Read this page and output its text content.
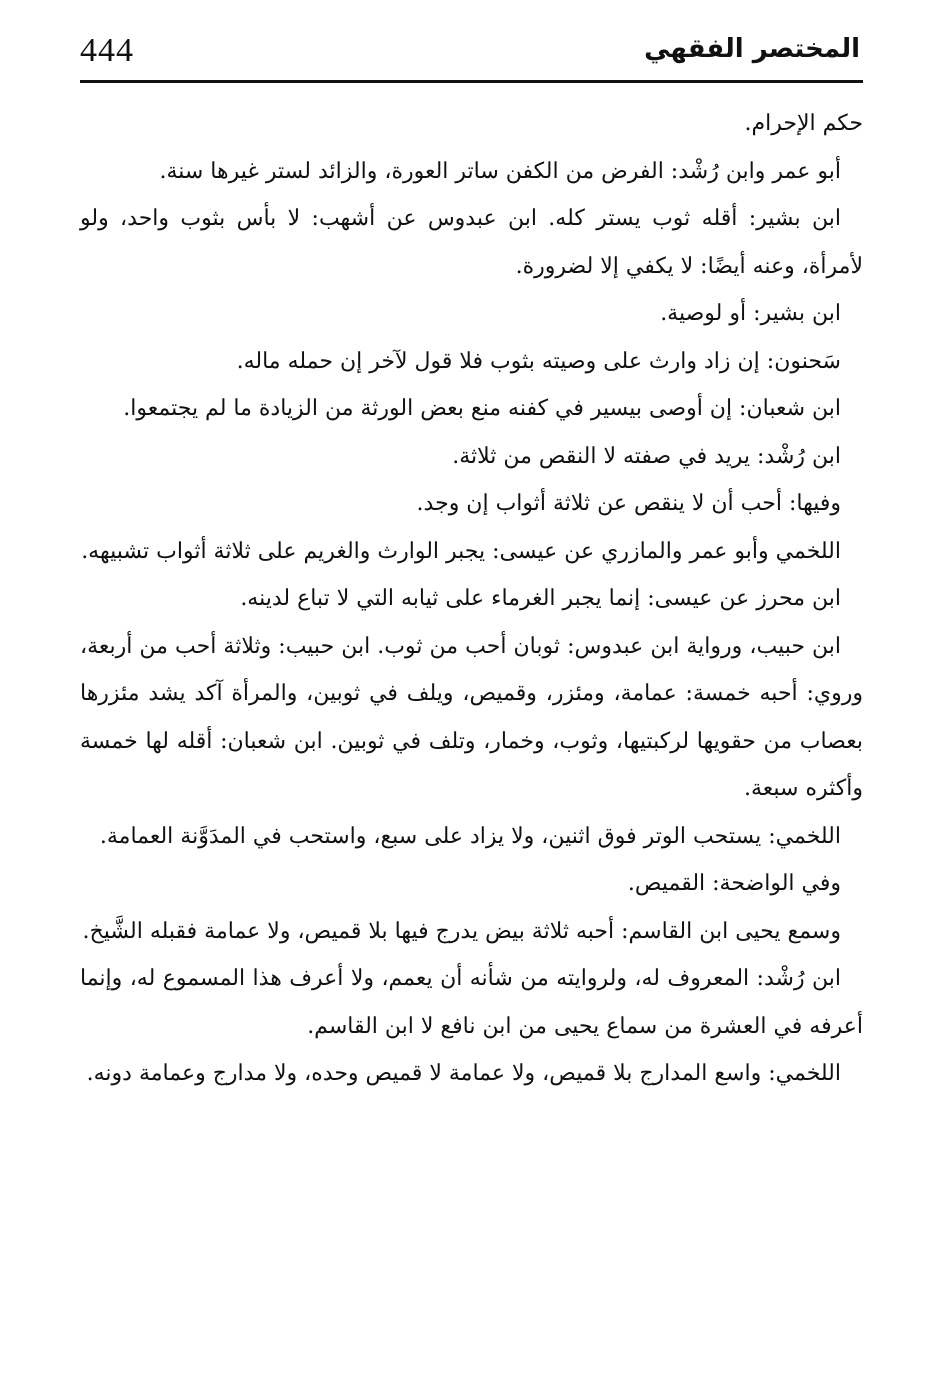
444	المختصر الفقهي

حكم الإحرام.

أبو عمر وابن رُشْد: الفرض من الكفن ساتر العورة، والزائد لستر غيرها سنة.

ابن بشير: أقله ثوب يستر كله. ابن عبدوس عن أشهب: لا بأس بثوب واحد، ولو لأمرأة، وعنه أيضًا: لا يكفي إلا لضرورة.

ابن بشير: أو لوصية.

سَحنون: إن زاد وارث على وصيته بثوب فلا قول لآخر إن حمله ماله.

ابن شعبان: إن أوصى بيسير في كفنه منع بعض الورثة من الزيادة ما لم يجتمعوا.

ابن رُشْد: يريد في صفته لا النقص من ثلاثة.

وفيها: أحب أن لا ينقص عن ثلاثة أثواب إن وجد.

اللخمي وأبو عمر والمازري عن عيسى: يجبر الوارث والغريم على ثلاثة أثواب تشبيهه.

ابن محرز عن عيسى: إنما يجبر الغرماء على ثيابه التي لا تباع لدينه.

ابن حبيب، ورواية ابن عبدوس: ثوبان أحب من ثوب. ابن حبيب: وثلاثة أحب من أربعة، وروي: أحبه خمسة: عمامة، ومئزر، وقميص، ويلف في ثوبين، والمرأة آكد يشد مئزرها بعصاب من حقويها لركبتيها، وثوب، وخمار، وتلف في ثوبين. ابن شعبان: أقله لها خمسة وأكثره سبعة.

اللخمي: يستحب الوتر فوق اثنين، ولا يزاد على سبع، واستحب في المدَوَّنة العمامة.

وفي الواضحة: القميص.

وسمع يحيى ابن القاسم: أحبه ثلاثة بيض يدرج فيها بلا قميص، ولا عمامة فقبله الشَّيخ.

ابن رُشْد: المعروف له، ولروايته من شأنه أن يعمم، ولا أعرف هذا المسموع له، وإنما أعرفه في العشرة من سماع يحيى من ابن نافع لا ابن القاسم.

اللخمي: واسع المدارج بلا قميص، ولا عمامة لا قميص وحده، ولا مدارج وعمامة دونه.
